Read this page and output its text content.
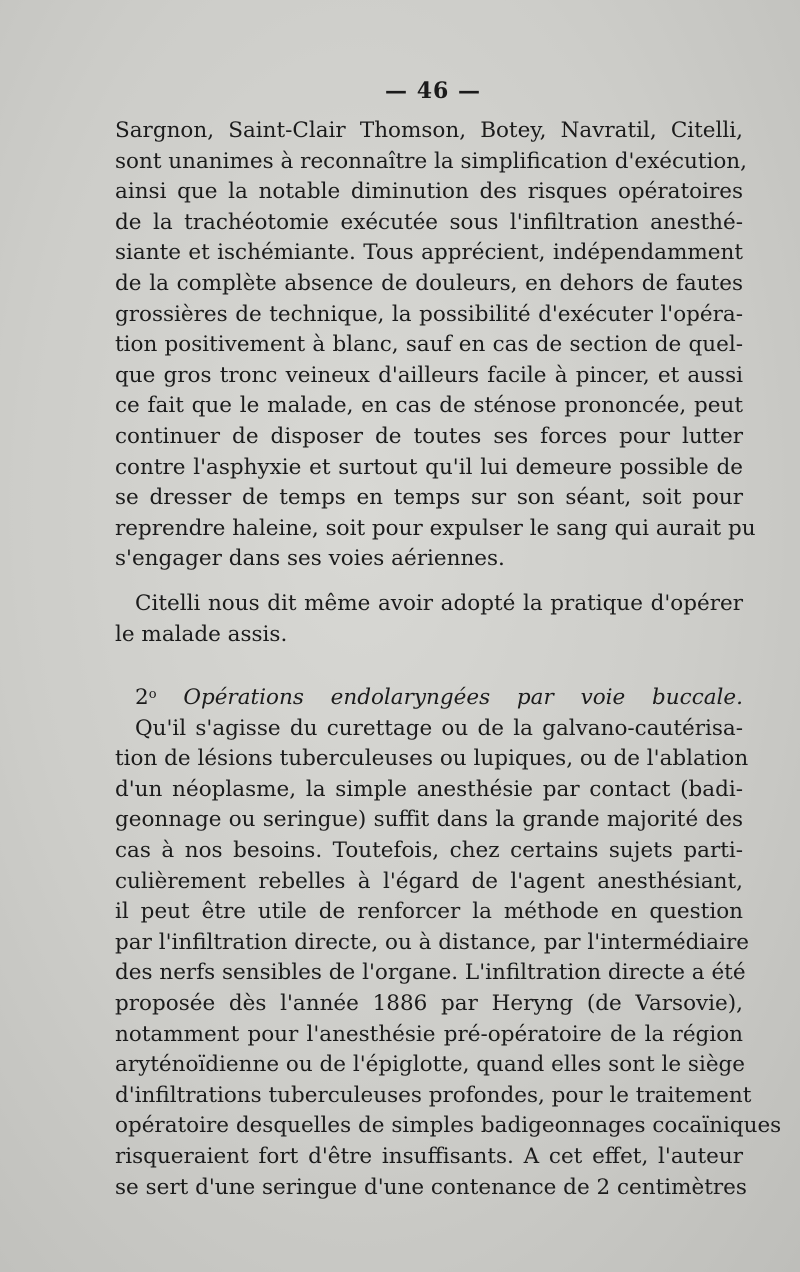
— 46 —
Sargnon, Saint-Clair Thomson, Botey, Navratil, Citelli,
sont unanimes à reconnaître la simplification d'exécution,
ainsi que la notable diminution des risques opératoires
de la trachéotomie exécutée sous l'infiltration anesthé-
siante et ischémiante. Tous apprécient, indépendamment
de la complète absence de douleurs, en dehors de fautes
grossières de technique, la possibilité d'exécuter l'opéra-
tion positivement à blanc, sauf en cas de section de quel-
que gros tronc veineux d'ailleurs facile à pincer, et aussi
ce fait que le malade, en cas de sténose prononcée, peut
continuer de disposer de toutes ses forces pour lutter
contre l'asphyxie et surtout qu'il lui demeure possible de
se dresser de temps en temps sur son séant, soit pour
reprendre haleine, soit pour expulser le sang qui aurait pu
s'engager dans ses voies aériennes.
Citelli nous dit même avoir adopté la pratique d'opérer
le malade assis.
2$^o$ Opérations endolaryngées par voie buccale.
Qu'il s'agisse du curettage ou de la galvano-cautérisa-
tion de lésions tuberculeuses ou lupiques, ou de l'ablation
d'un néoplasme, la simple anesthésie par contact (badi-
geonnage ou seringue) suffit dans la grande majorité des
cas à nos besoins. Toutefois, chez certains sujets parti-
culièrement rebelles à l'égard de l'agent anesthésiant,
il peut être utile de renforcer la méthode en question
par l'infiltration directe, ou à distance, par l'intermédiaire
des nerfs sensibles de l'organe. L'infiltration directe a été
proposée dès l'année 1886 par Heryng (de Varsovie),
notamment pour l'anesthésie pré-opératoire de la région
aryténoïdienne ou de l'épiglotte, quand elles sont le siège
d'infiltrations tuberculeuses profondes, pour le traitement
opératoire desquelles de simples badigeonnages cocaïniques
risqueraient fort d'être insuffisants. A cet effet, l'auteur
se sert d'une seringue d'une contenance de 2 centimètres
